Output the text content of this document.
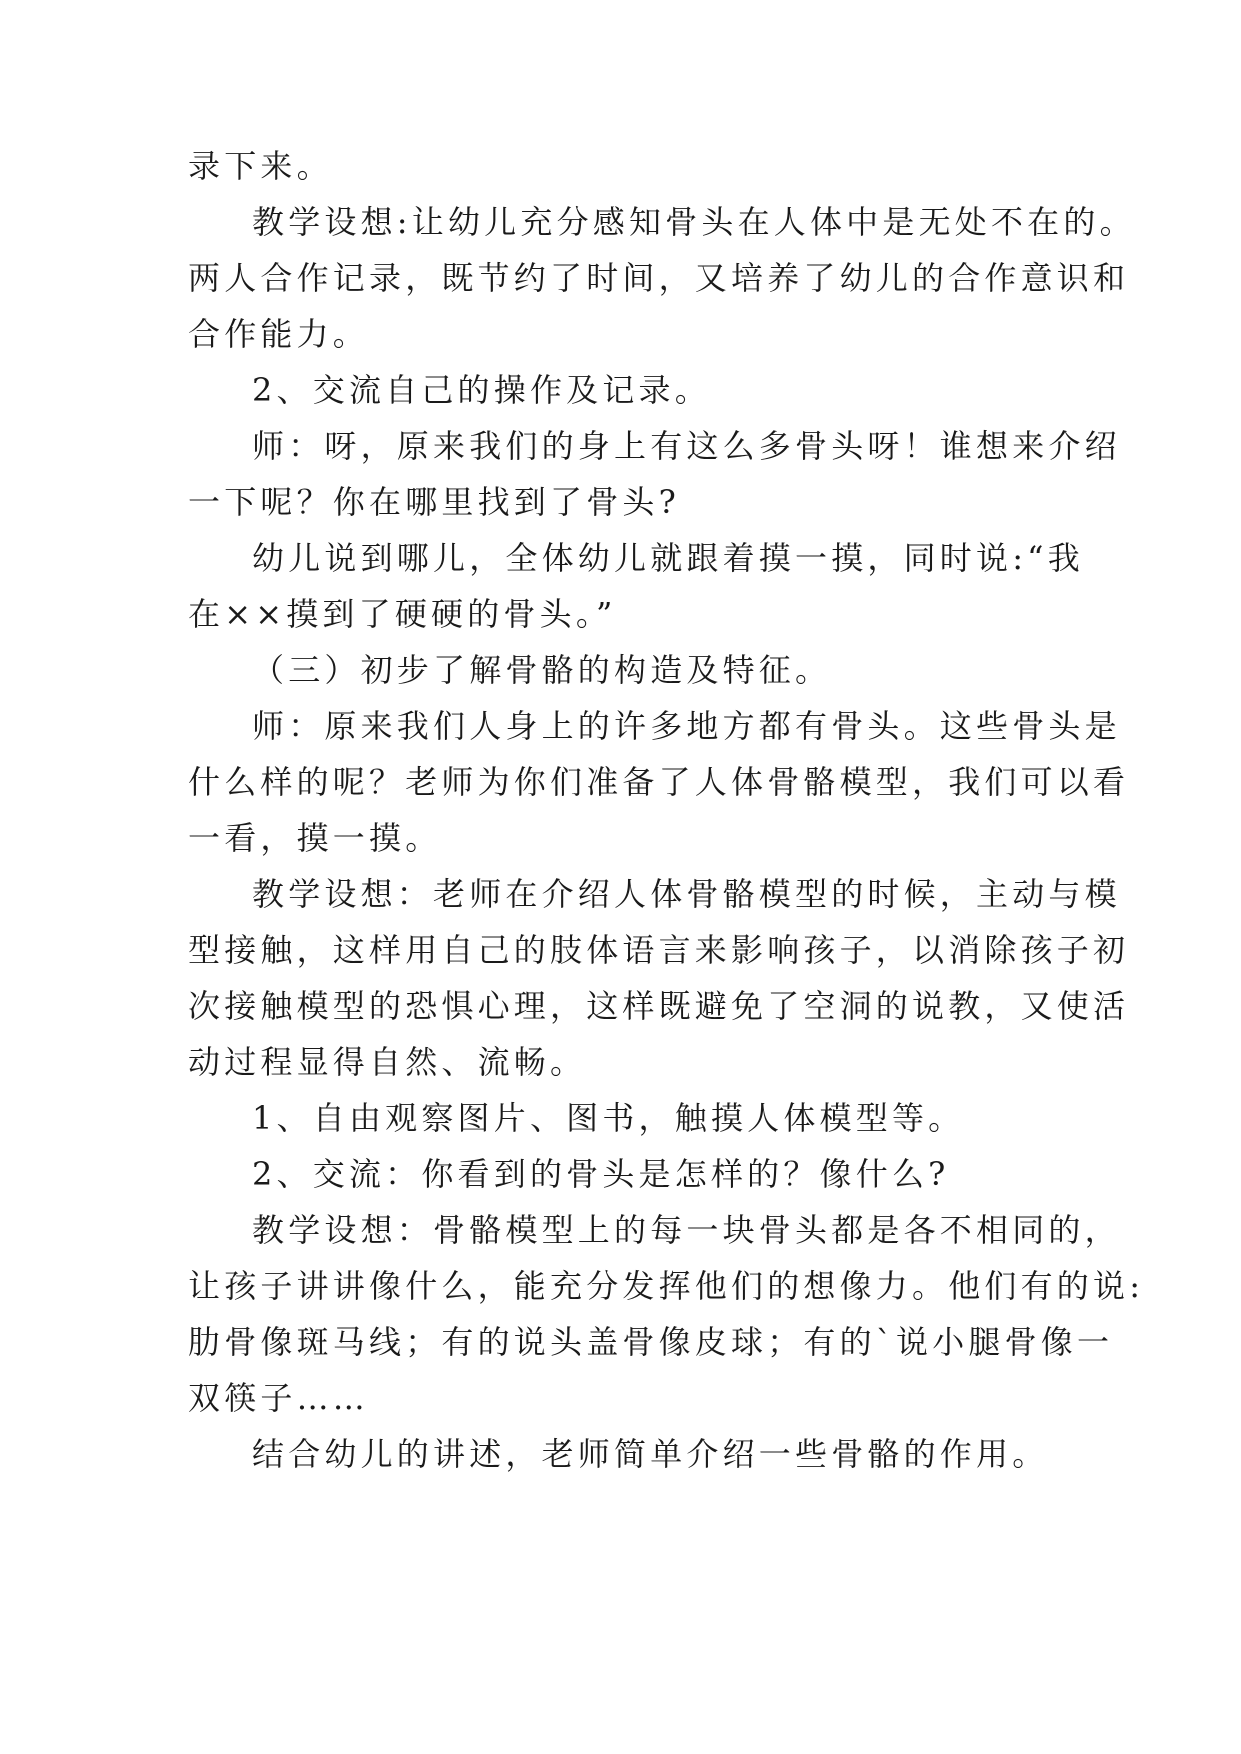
录下来。
教学设想:让幼儿充分感知骨头在人体中是无处不在的。
两人合作记录，既节约了时间，又培养了幼儿的合作意识和
合作能力。
2、交流自己的操作及记录。
师：呀，原来我们的身上有这么多骨头呀！谁想来介绍
一下呢？你在哪里找到了骨头?
幼儿说到哪儿，全体幼儿就跟着摸一摸，同时说:“我
在××摸到了硬硬的骨头。”
（三）初步了解骨骼的构造及特征。
师：原来我们人身上的许多地方都有骨头。这些骨头是
什么样的呢？老师为你们准备了人体骨骼模型，我们可以看
一看，摸一摸。
教学设想：老师在介绍人体骨骼模型的时候，主动与模
型接触，这样用自己的肢体语言来影响孩子，以消除孩子初
次接触模型的恐惧心理，这样既避免了空洞的说教，又使活
动过程显得自然、流畅。
1、自由观察图片、图书，触摸人体模型等。
2、交流：你看到的骨头是怎样的？像什么?
教学设想：骨骼模型上的每一块骨头都是各不相同的，
让孩子讲讲像什么，能充分发挥他们的想像力。他们有的说:
肋骨像斑马线；有的说头盖骨像皮球；有的`说小腿骨像一
双筷子……
结合幼儿的讲述，老师简单介绍一些骨骼的作用。
